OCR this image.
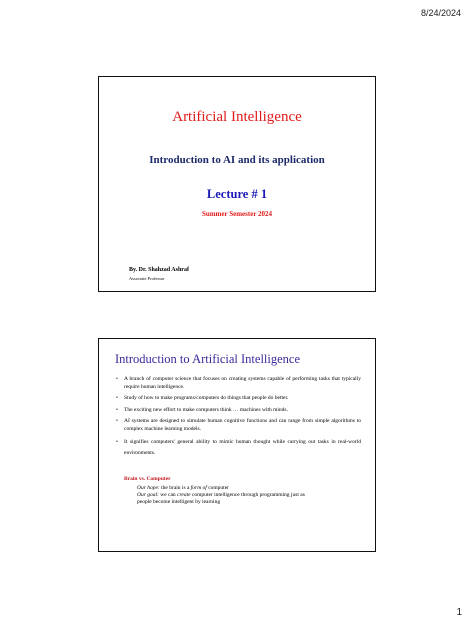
8/24/2024
Artificial Intelligence
Introduction to AI and its application
Lecture # 1
Summer Semester 2024
By. Dr. Shahzad Ashraf
Associate Professor
Introduction to Artificial Intelligence
• A branch of computer science that focuses on creating systems capable of performing tasks that typically require human intelligence.
• Study of how to make programs/computers do things that people do better.
• The exciting new effort to make computers think … machines with minds.
• AI systems are designed to simulate human cognitive functions and can range from simple algorithms to complex machine learning models.
• It signifies computers' general ability to mimic human thought while carrying out tasks in real-world environments.
Brain vs. Computer
Our hope: the brain is a form of computer
Our goal: we can create computer intelligence through programming just as
people become intelligent by learning
1
